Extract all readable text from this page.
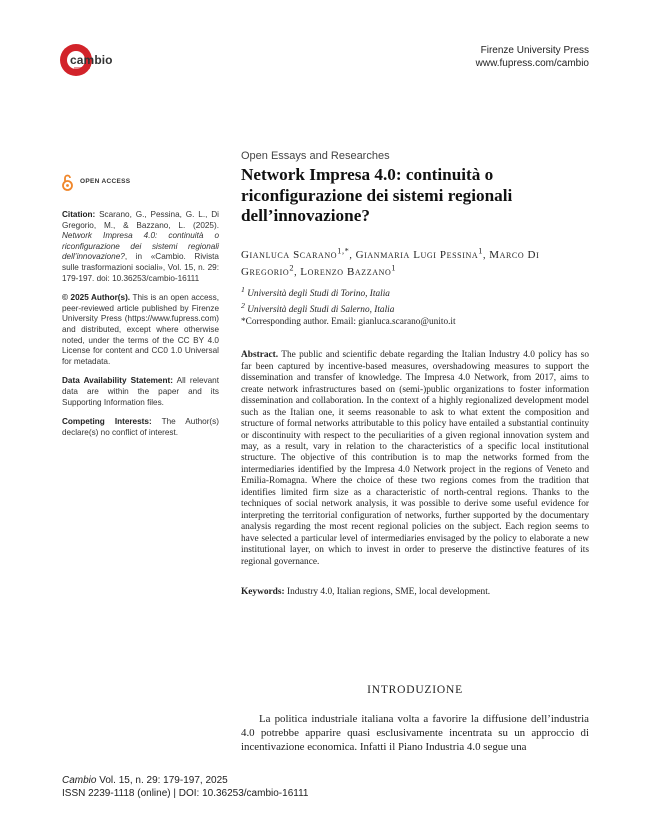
cambio
Firenze University Press
www.fupress.com/cambio
OPEN ACCESS

Citation: Scarano, G., Pessina, G. L., Di Gregorio, M., & Bazzano, L. (2025). Network Impresa 4.0: continuità o riconfigurazione dei sistemi regionali dell’innovazione?, in «Cambio. Rivista sulle trasformazioni sociali», Vol. 15, n. 29: 179-197. doi: 10.36253/cambio-16111

© 2025 Author(s). This is an open access, peer-reviewed article published by Firenze University Press (https://www.fupress.com) and distributed, except where otherwise noted, under the terms of the CC BY 4.0 License for content and CC0 1.0 Universal for metadata.

Data Availability Statement: All relevant data are within the paper and its Supporting Information files.

Competing Interests: The Author(s) declare(s) no conflict of interest.

Open Essays and Researches
Network Impresa 4.0: continuità o riconfigurazione dei sistemi regionali dell’innovazione?
Gianluca Scarano$^{1,*}$, Gianmaria Lugi Pessina$^1$, Marco Di Gregorio$^2$, Lorenzo Bazzano$^1$
$^1$ Università degli Studi di Torino, Italia
$^2$ Università degli Studi di Salerno, Italia
*Corresponding author. Email: gianluca.scarano@unito.it
Abstract. The public and scientific debate regarding the Italian Industry 4.0 policy has so far been captured by incentive-based measures, overshadowing measures to support the dissemination and transfer of knowledge. The Impresa 4.0 Network, from 2017, aims to create network infrastructures based on (semi-)public organizations to foster information dissemination and collaboration. In the context of a highly regionalized development model such as the Italian one, it seems reasonable to ask to what extent the composition and structure of formal networks attributable to this policy have entailed a substantial continuity or discontinuity with respect to the peculiarities of a given regional innovation system and may, as a result, vary in relation to the characteristics of a specific local institutional structure. The objective of this contribution is to map the networks formed from the intermediaries identified by the Impresa 4.0 Network project in the regions of Veneto and Emilia-Romagna. Where the choice of these two regions comes from the tradition that identifies limited firm size as a characteristic of north-central regions. Thanks to the techniques of social network analysis, it was possible to derive some useful evidence for interpreting the territorial configuration of networks, further supported by the documentary analysis regarding the most recent regional policies on the subject. Each region seems to have selected a particular level of intermediaries envisaged by the policy to elaborate a new institutional layer, on which to invest in order to preserve the distinctive features of its regional governance.
Keywords: Industry 4.0, Italian regions, SME, local development.
INTRODUZIONE
La politica industriale italiana volta a favorire la diffusione dell’industria 4.0 potrebbe apparire quasi esclusivamente incentrata su un approccio di incentivazione economica. Infatti il Piano Industria 4.0 segue una
Cambio Vol. 15, n. 29: 179-197, 2025
ISSN 2239-1118 (online) | DOI: 10.36253/cambio-16111
